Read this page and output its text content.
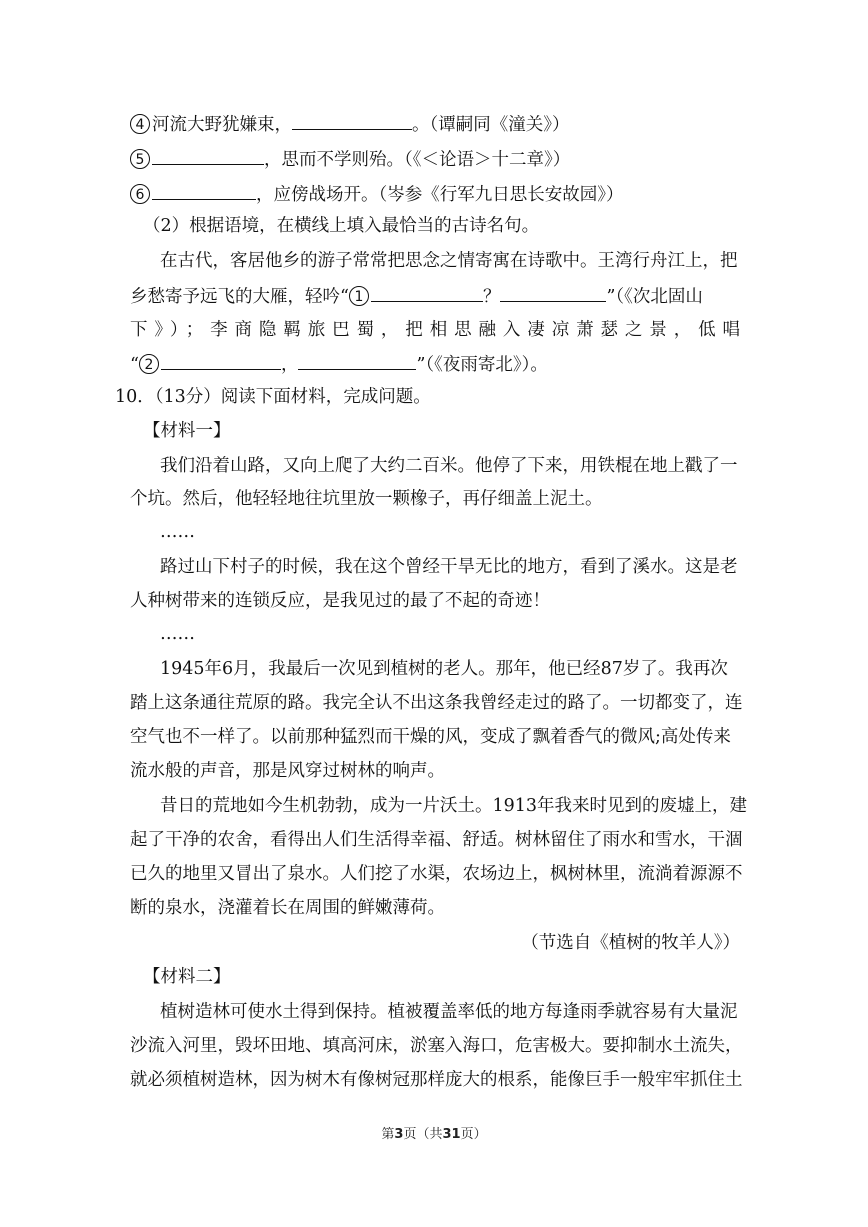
4 河流大野犹嫌束，	。（谭嗣同《潼关》）
5	，思而不学则殆。（《＜论语＞十二章》）
6	，应傍战场开。（岑参《行军九日思长安故园》）
（2）根据语境，在横线上填入最恰当的古诗名句。
在古代，客居他乡的游子常常把思念之情寄寓在诗歌中。王湾行舟江上，把
乡愁寄予远飞的大雁，轻吟“ 1	？	”（《次北固山
下》）；李商隐羁旅巴蜀，把相思融入凄凉萧瑟之景，低唱
“ 2	，	”（《夜雨寄北》）。
10．（13分）阅读下面材料，完成问题。
【材料一】
我们沿着山路，又向上爬了大约二百米。他停了下来，用铁棍在地上戳了一
个坑。然后，他轻轻地往坑里放一颗橡子，再仔细盖上泥土。
……
路过山下村子的时候，我在这个曾经干旱无比的地方，看到了溪水。这是老
人种树带来的连锁反应，是我见过的最了不起的奇迹！
……
1945年6月，我最后一次见到植树的老人。那年，他已经87岁了。我再次
踏上这条通往荒原的路。我完全认不出这条我曾经走过的路了。一切都变了，连
空气也不一样了。以前那种猛烈而干燥的风，变成了飘着香气的微风;高处传来
流水般的声音，那是风穿过树林的响声。
昔日的荒地如今生机勃勃，成为一片沃土。1913年我来时见到的废墟上，建
起了干净的农舍，看得出人们生活得幸福、舒适。树林留住了雨水和雪水，干涸
已久的地里又冒出了泉水。人们挖了水渠，农场边上，枫树林里，流淌着源源不
断的泉水，浇灌着长在周围的鲜嫩薄荷。
（节选自《植树的牧羊人》）
【材料二】
植树造林可使水土得到保持。植被覆盖率低的地方每逢雨季就容易有大量泥
沙流入河里，毁坏田地、填高河床，淤塞入海口，危害极大。要抑制水土流失，
就必须植树造林，因为树木有像树冠那样庞大的根系，能像巨手一般牢牢抓住土
第3页（共31页）
